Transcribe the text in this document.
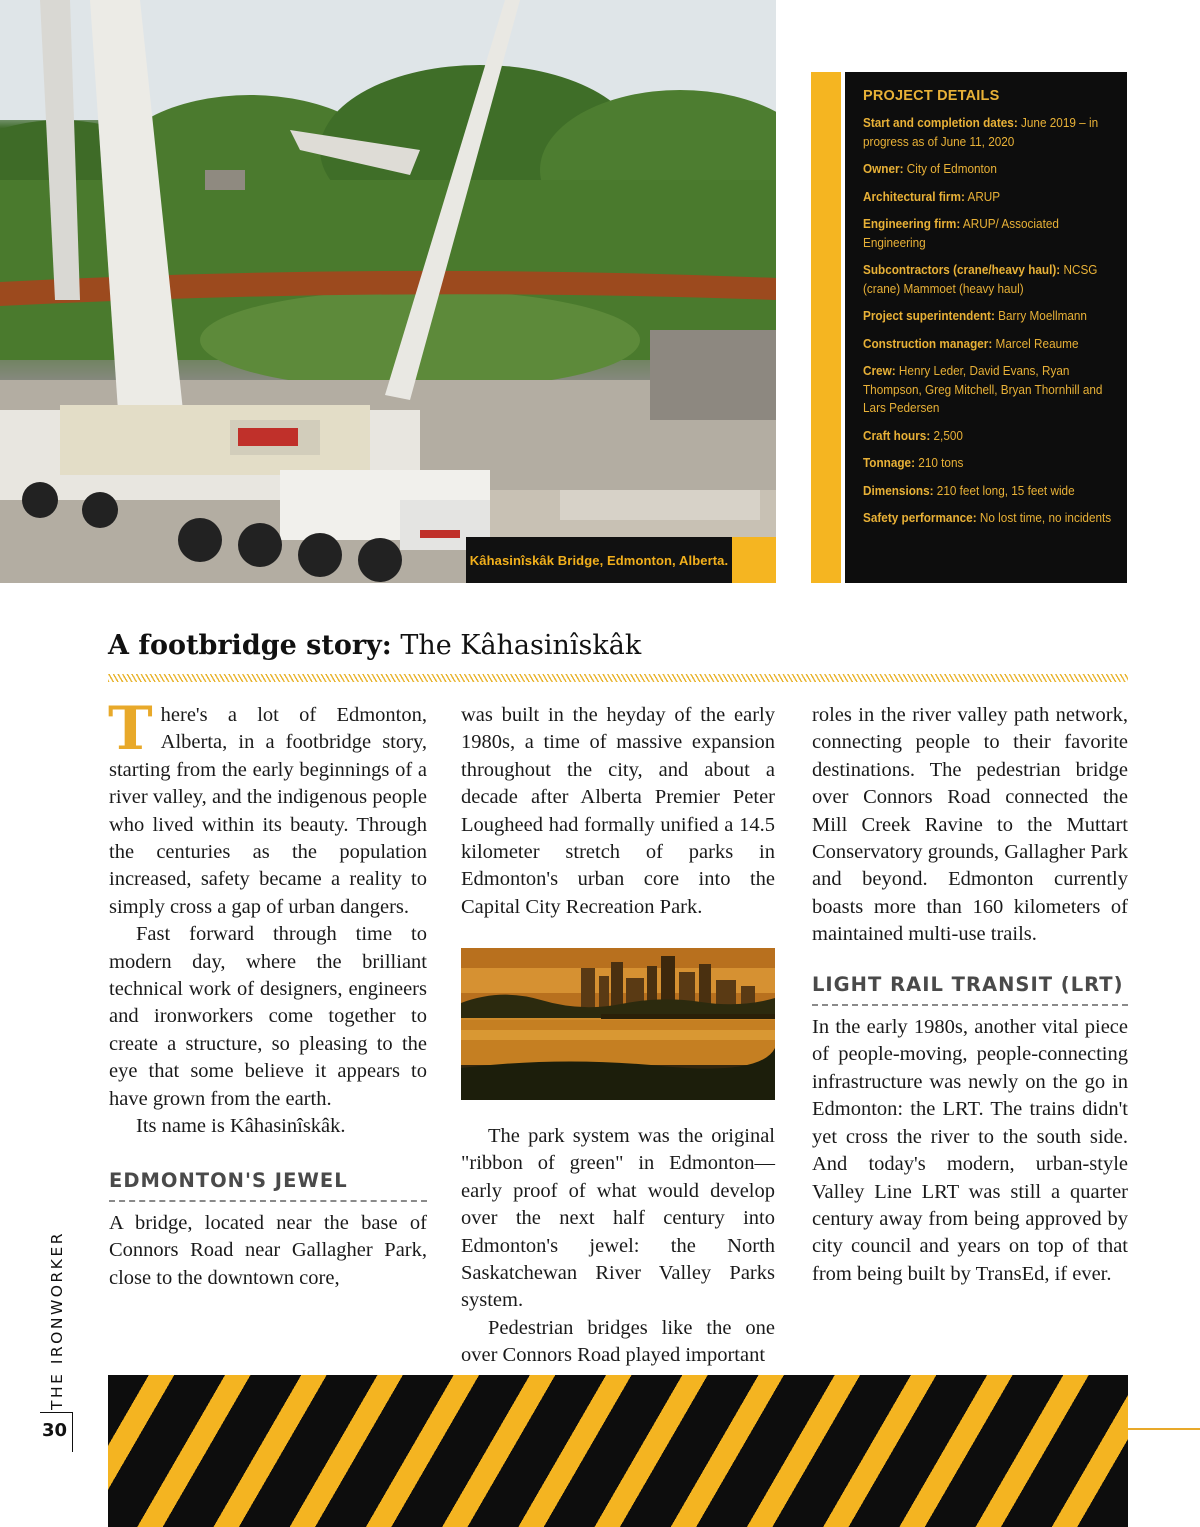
Kâhasinîskâk Bridge, Edmonton, Alberta.
PROJECT DETAILS
Start and completion dates: June 2019 – in progress as of June 11, 2020
Owner: City of Edmonton
Architectural firm: ARUP
Engineering firm: ARUP/ Associated Engineering
Subcontractors (crane/heavy haul): NCSG (crane) Mammoet (heavy haul)
Project superintendent: Barry Moellmann
Construction manager: Marcel Reaume
Crew: Henry Leder, David Evans, Ryan Thompson, Greg Mitchell, Bryan Thornhill and Lars Pedersen
Craft hours: 2,500
Tonnage: 210 tons
Dimensions: 210 feet long, 15 feet wide
Safety performance: No lost time, no incidents
A footbridge story: The Kâhasinîskâk

There's a lot of Edmonton, Alberta, in a footbridge story, starting from the early beginnings of a river valley, and the indigenous people who lived within its beauty. Through the centuries as the population increased, safety became a reality to simply cross a gap of urban dangers.

Fast forward through time to modern day, where the brilliant technical work of designers, engineers and ironworkers come together to create a structure, so pleasing to the eye that some believe it appears to have grown from the earth.

Its name is Kâhasinîskâk.

EDMONTON'S JEWEL

A bridge, located near the base of Connors Road near Gallagher Park, close to the downtown core,

was built in the heyday of the early 1980s, a time of massive expansion throughout the city, and about a decade after Alberta Premier Peter Lougheed had formally unified a 14.5 kilometer stretch of parks in Edmonton's urban core into the Capital City Recreation Park.

The park system was the original "ribbon of green" in Edmonton—early proof of what would develop over the next half century into Edmonton's jewel: the North Saskatchewan River Valley Parks system.

Pedestrian bridges like the one over Connors Road played important

roles in the river valley path network, connecting people to their favorite destinations. The pedestrian bridge over Connors Road connected the Mill Creek Ravine to the Muttart Conservatory grounds, Gallagher Park and beyond. Edmonton currently boasts more than 160 kilometers of maintained multi-use trails.

LIGHT RAIL TRANSIT (LRT)

In the early 1980s, another vital piece of people-moving, people-connecting infrastructure was newly on the go in Edmonton: the LRT. The trains didn't yet cross the river to the south side. And today's modern, urban-style Valley Line LRT was still a quarter century away from being approved by city council and years on top of that from being built by TransEd, if ever.

THE IRONWORKER
30
